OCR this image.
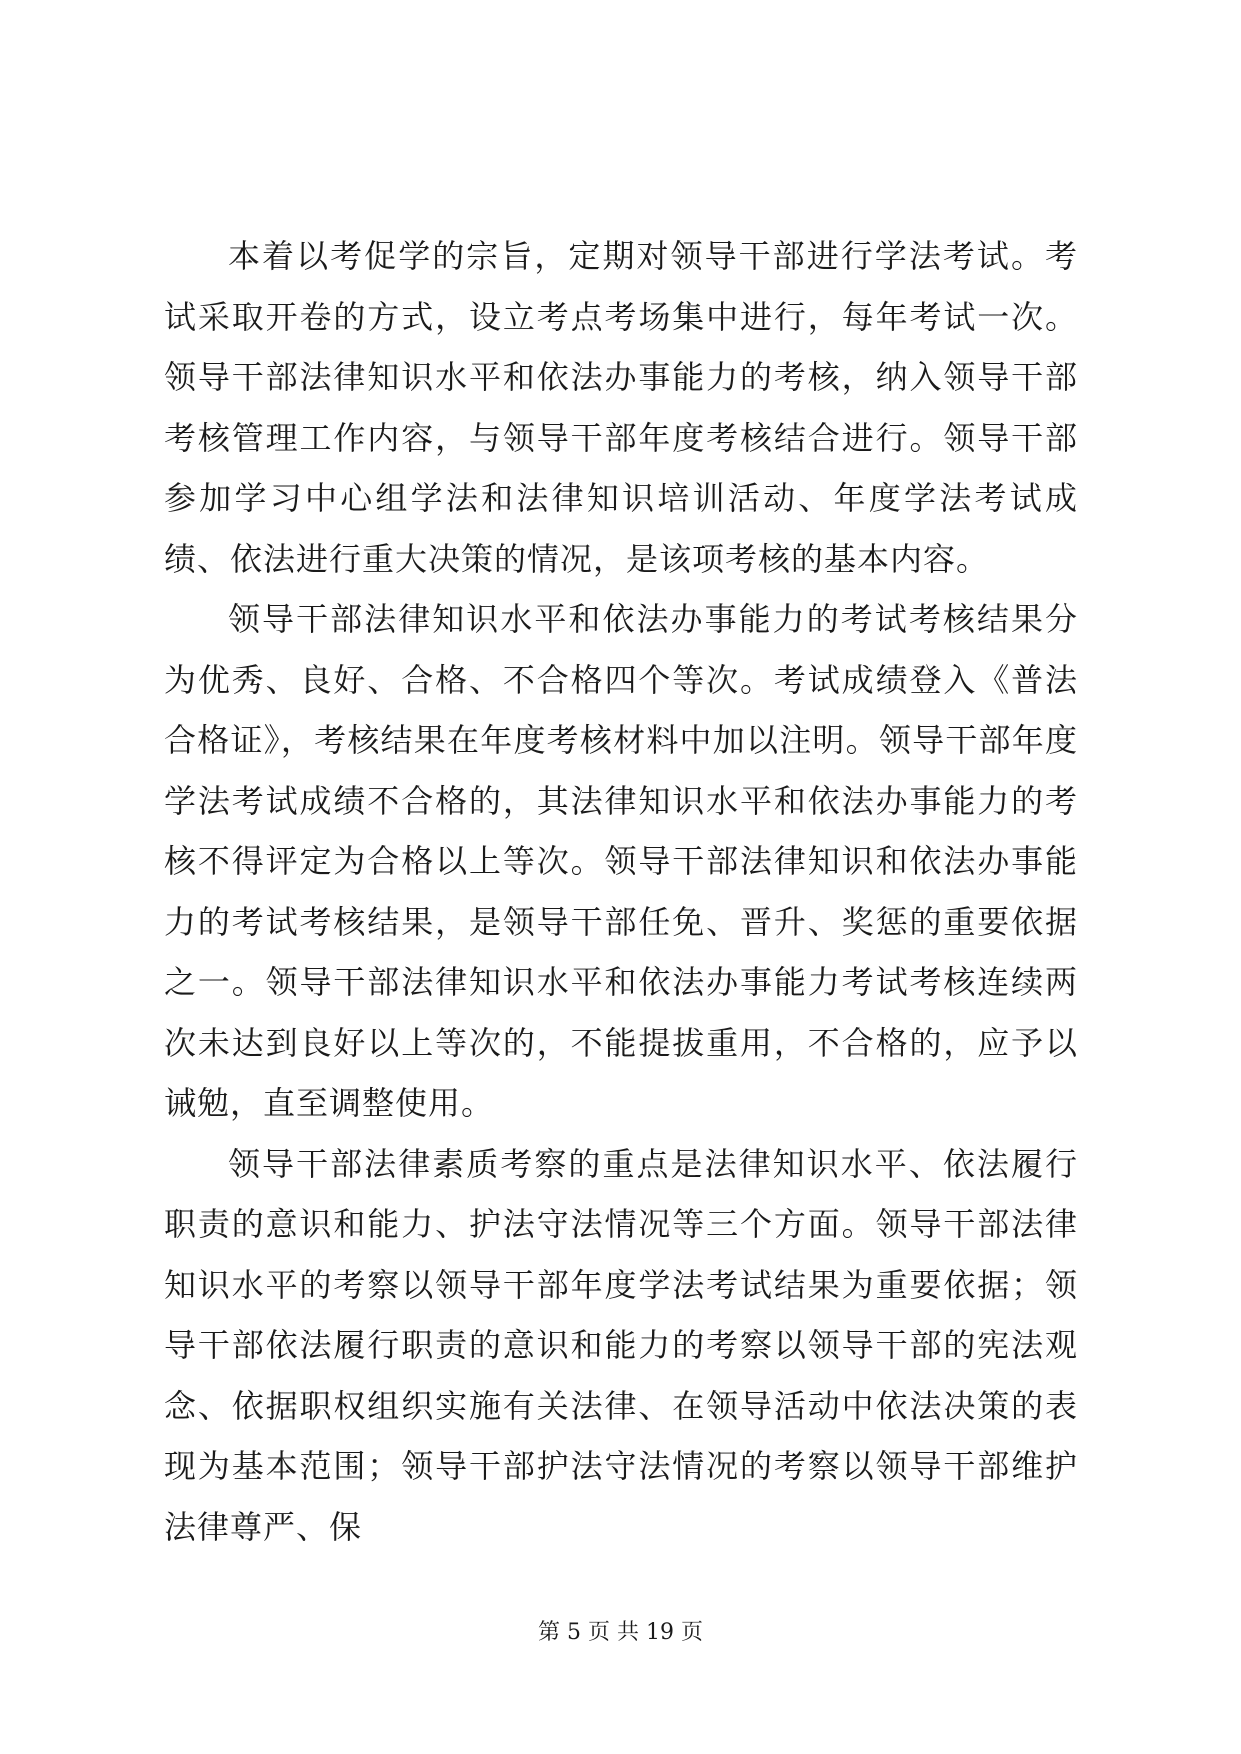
本着以考促学的宗旨，定期对领导干部进行学法考试。考试采取开卷的方式，设立考点考场集中进行，每年考试一次。领导干部法律知识水平和依法办事能力的考核，纳入领导干部考核管理工作内容，与领导干部年度考核结合进行。领导干部参加学习中心组学法和法律知识培训活动、年度学法考试成绩、依法进行重大决策的情况，是该项考核的基本内容。

领导干部法律知识水平和依法办事能力的考试考核结果分为优秀、良好、合格、不合格四个等次。考试成绩登入《普法合格证》，考核结果在年度考核材料中加以注明。领导干部年度学法考试成绩不合格的，其法律知识水平和依法办事能力的考核不得评定为合格以上等次。领导干部法律知识和依法办事能力的考试考核结果，是领导干部任免、晋升、奖惩的重要依据之一。领导干部法律知识水平和依法办事能力考试考核连续两次未达到良好以上等次的，不能提拔重用，不合格的，应予以诫勉，直至调整使用。

领导干部法律素质考察的重点是法律知识水平、依法履行职责的意识和能力、护法守法情况等三个方面。领导干部法律知识水平的考察以领导干部年度学法考试结果为重要依据；领导干部依法履行职责的意识和能力的考察以领导干部的宪法观念、依据职权组织实施有关法律、在领导活动中依法决策的表现为基本范围；领导干部护法守法情况的考察以领导干部维护法律尊严、保

第 5 页 共 19 页
